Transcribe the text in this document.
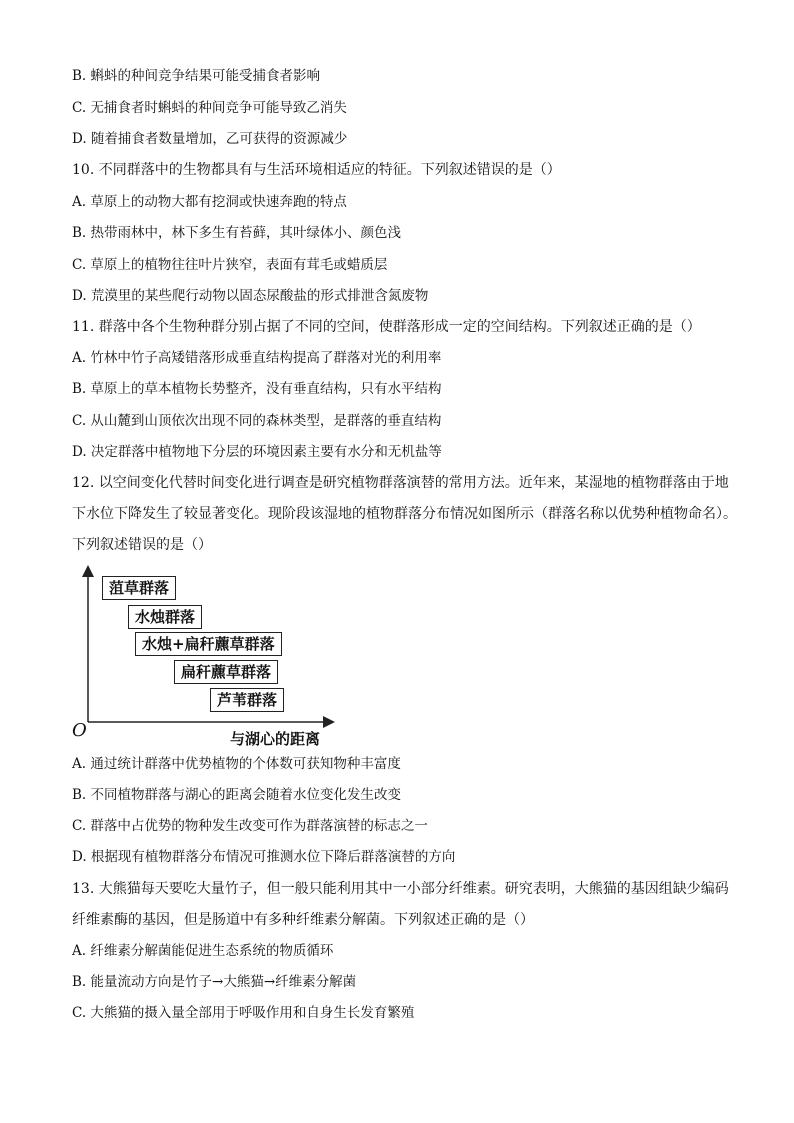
B. 蝌蚪的种间竞争结果可能受捕食者影响
C. 无捕食者时蝌蚪的种间竞争可能导致乙消失
D. 随着捕食者数量增加，乙可获得的资源减少
10. 不同群落中的生物都具有与生活环境相适应的特征。下列叙述错误的是（）
A. 草原上的动物大都有挖洞或快速奔跑的特点
B. 热带雨林中，林下多生有苔藓，其叶绿体小、颜色浅
C. 草原上的植物往往叶片狭窄，表面有茸毛或蜡质层
D. 荒漠里的某些爬行动物以固态尿酸盐的形式排泄含氮废物
11. 群落中各个生物种群分别占据了不同的空间，使群落形成一定的空间结构。下列叙述正确的是（）
A. 竹林中竹子高矮错落形成垂直结构提高了群落对光的利用率
B. 草原上的草本植物长势整齐，没有垂直结构，只有水平结构
C. 从山麓到山顶依次出现不同的森林类型，是群落的垂直结构
D. 决定群落中植物地下分层的环境因素主要有水分和无机盐等
12. 以空间变化代替时间变化进行调查是研究植物群落演替的常用方法。近年来，某湿地的植物群落由于地
下水位下降发生了较显著变化。现阶段该湿地的植物群落分布情况如图所示（群落名称以优势种植物命名）。
下列叙述错误的是（）
菹草群落
水烛群落
水烛+扁秆藨草群落
扁秆藨草群落
芦苇群落
O	与湖心的距离
A. 通过统计群落中优势植物的个体数可获知物种丰富度
B. 不同植物群落与湖心的距离会随着水位变化发生改变
C. 群落中占优势的物种发生改变可作为群落演替的标志之一
D. 根据现有植物群落分布情况可推测水位下降后群落演替的方向
13. 大熊猫每天要吃大量竹子，但一般只能利用其中一小部分纤维素。研究表明，大熊猫的基因组缺少编码
纤维素酶的基因，但是肠道中有多种纤维素分解菌。下列叙述正确的是（）
A. 纤维素分解菌能促进生态系统的物质循环
B. 能量流动方向是竹子→大熊猫→纤维素分解菌
C. 大熊猫的摄入量全部用于呼吸作用和自身生长发育繁殖
